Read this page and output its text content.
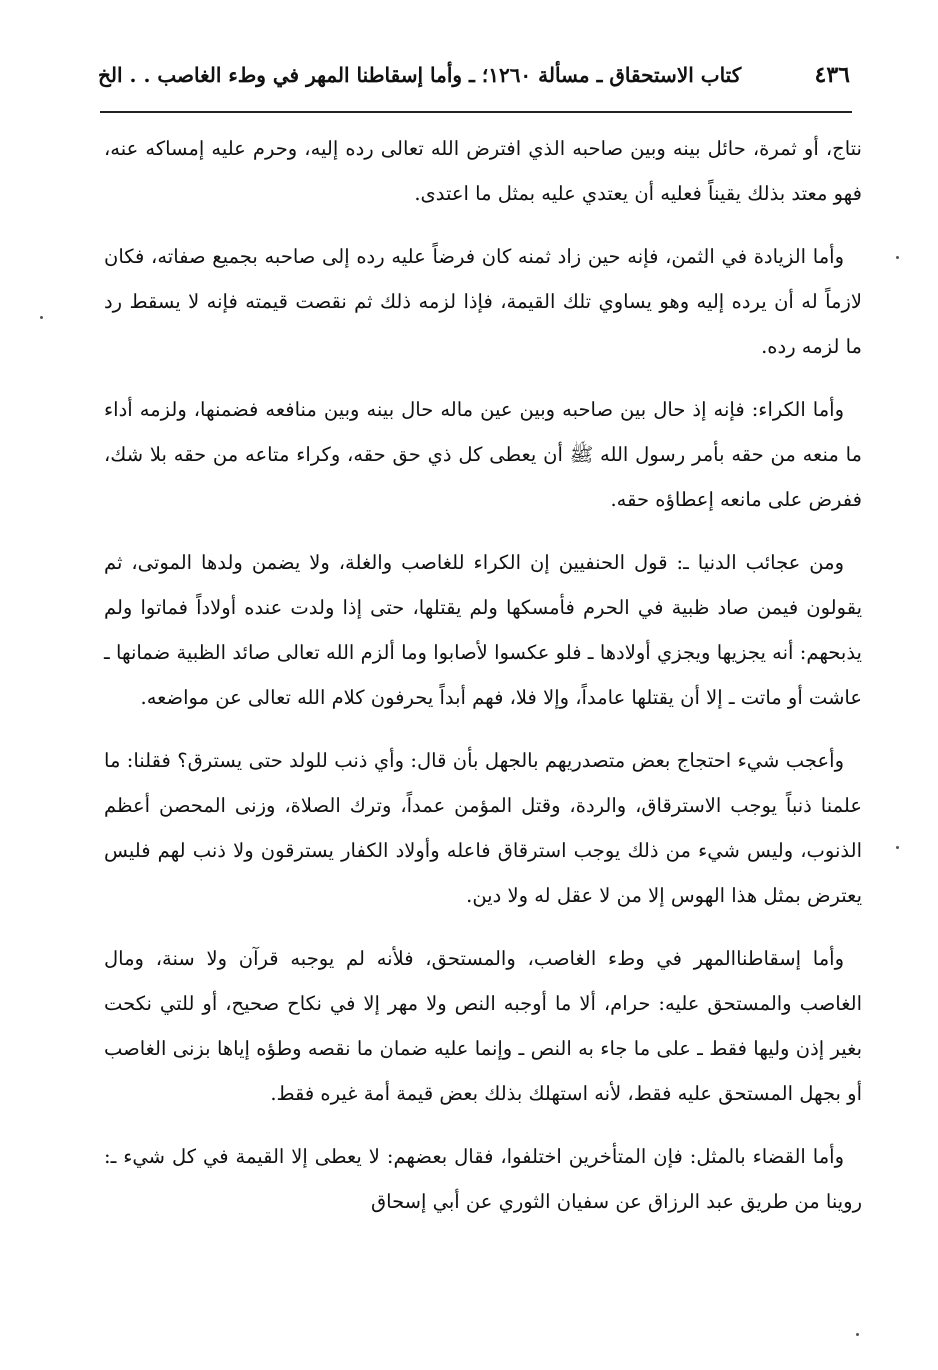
٤٣٦
كتاب الاستحقاق ـ مسألة ١٢٦٠؛ ـ وأما إسقاطنا المهر في وطء الغاصب . . الخ

نتاج، أو ثمرة، حائل بينه وبين صاحبه الذي افترض الله تعالى رده إليه، وحرم عليه إمساكه عنه، فهو معتد بذلك يقيناً فعليه أن يعتدي عليه بمثل ما اعتدى.

وأما الزيادة في الثمن، فإنه حين زاد ثمنه كان فرضاً عليه رده إلى صاحبه بجميع صفاته، فكان لازماً له أن يرده إليه وهو يساوي تلك القيمة، فإذا لزمه ذلك ثم نقصت قيمته فإنه لا يسقط رد ما لزمه رده.

وأما الكراء: فإنه إذ حال بين صاحبه وبين عين ماله حال بينه وبين منافعه فضمنها، ولزمه أداء ما منعه من حقه بأمر رسول الله ﷺ أن يعطى كل ذي حق حقه، وكراء متاعه من حقه بلا شك، ففرض على مانعه إعطاؤه حقه.

ومن عجائب الدنيا ـ: قول الحنفيين إن الكراء للغاصب والغلة، ولا يضمن ولدها الموتى، ثم يقولون فيمن صاد ظبية في الحرم فأمسكها ولم يقتلها، حتى إذا ولدت عنده أولاداً فماتوا ولم يذبحهم: أنه يجزيها ويجزي أولادها ـ فلو عكسوا لأصابوا وما ألزم الله تعالى صائد الظبية ضمانها ـ عاشت أو ماتت ـ إلا أن يقتلها عامداً، وإلا فلا، فهم أبداً يحرفون كلام الله تعالى عن مواضعه.

وأعجب شيء احتجاج بعض متصدريهم بالجهل بأن قال: وأي ذنب للولد حتى يسترق؟ فقلنا: ما علمنا ذنباً يوجب الاسترقاق، والردة، وقتل المؤمن عمداً، وترك الصلاة، وزنى المحصن أعظم الذنوب، وليس شيء من ذلك يوجب استرقاق فاعله وأولاد الكفار يسترقون ولا ذنب لهم فليس يعترض بمثل هذا الهوس إلا من لا عقل له ولا دين.

وأما إسقاطناالمهر في وطء الغاصب، والمستحق، فلأنه لم يوجبه قرآن ولا سنة، ومال الغاصب والمستحق عليه: حرام، ألا ما أوجبه النص ولا مهر إلا في نكاح صحيح، أو للتي نكحت بغير إذن وليها فقط ـ على ما جاء به النص ـ وإنما عليه ضمان ما نقصه وطؤه إياها بزنى الغاصب أو بجهل المستحق عليه فقط، لأنه استهلك بذلك بعض قيمة أمة غيره فقط.

وأما القضاء بالمثل: فإن المتأخرين اختلفوا، فقال بعضهم: لا يعطى إلا القيمة في كل شيء ـ: روينا من طريق عبد الرزاق عن سفيان الثوري عن أبي إسحاق
